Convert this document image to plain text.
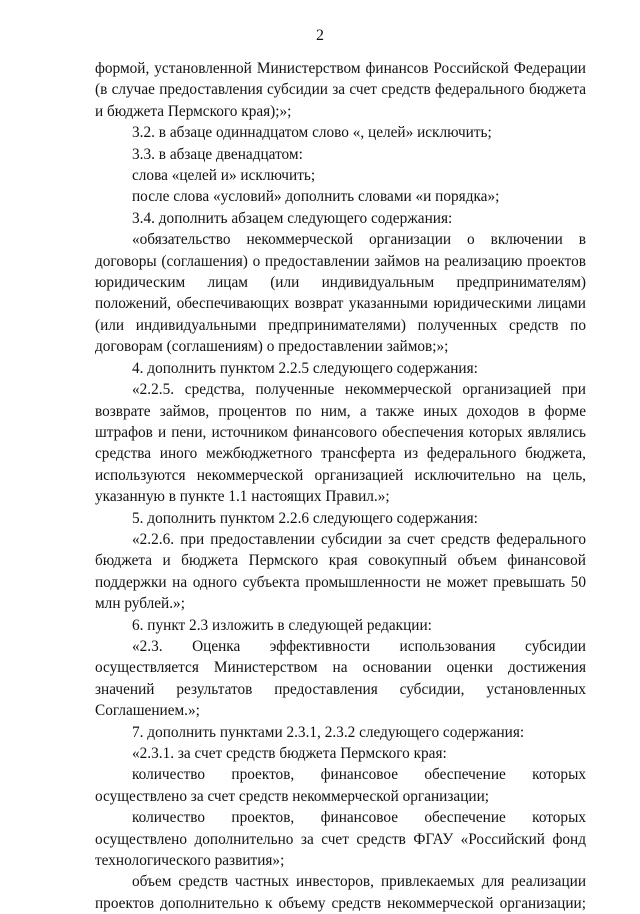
2

формой, установленной Министерством финансов Российской Федерации (в случае предоставления субсидии за счет средств федерального бюджета и бюджета Пермского края);»;

3.2. в абзаце одиннадцатом слово «, целей» исключить;

3.3. в абзаце двенадцатом:

слова «целей и» исключить;

после слова «условий» дополнить словами «и порядка»;

3.4. дополнить абзацем следующего содержания:

«обязательство некоммерческой организации о включении в договоры (соглашения) о предоставлении займов на реализацию проектов юридическим лицам (или индивидуальным предпринимателям) положений, обеспечивающих возврат указанными юридическими лицами (или индивидуальными предпринимателями) полученных средств по договорам (соглашениям) о предоставлении займов;»;

4. дополнить пунктом 2.2.5 следующего содержания:

«2.2.5. средства, полученные некоммерческой организацией при возврате займов, процентов по ним, а также иных доходов в форме штрафов и пени, источником финансового обеспечения которых являлись средства иного межбюджетного трансферта из федерального бюджета, используются некоммерческой организацией исключительно на цель, указанную в пункте 1.1 настоящих Правил.»;

5. дополнить пунктом 2.2.6 следующего содержания:

«2.2.6. при предоставлении субсидии за счет средств федерального бюджета и бюджета Пермского края совокупный объем финансовой поддержки на одного субъекта промышленности не может превышать 50 млн рублей.»;

6. пункт 2.3 изложить в следующей редакции:

«2.3. Оценка эффективности использования субсидии осуществляется Министерством на основании оценки достижения значений результатов предоставления субсидии, установленных Соглашением.»;

7. дополнить пунктами 2.3.1, 2.3.2 следующего содержания:

«2.3.1. за счет средств бюджета Пермского края:

количество проектов, финансовое обеспечение которых осуществлено за счет средств некоммерческой организации;

количество проектов, финансовое обеспечение которых осуществлено дополнительно за счет средств ФГАУ «Российский фонд технологического развития»;

объем средств частных инвесторов, привлекаемых для реализации проектов дополнительно к объему средств некоммерческой организации;
